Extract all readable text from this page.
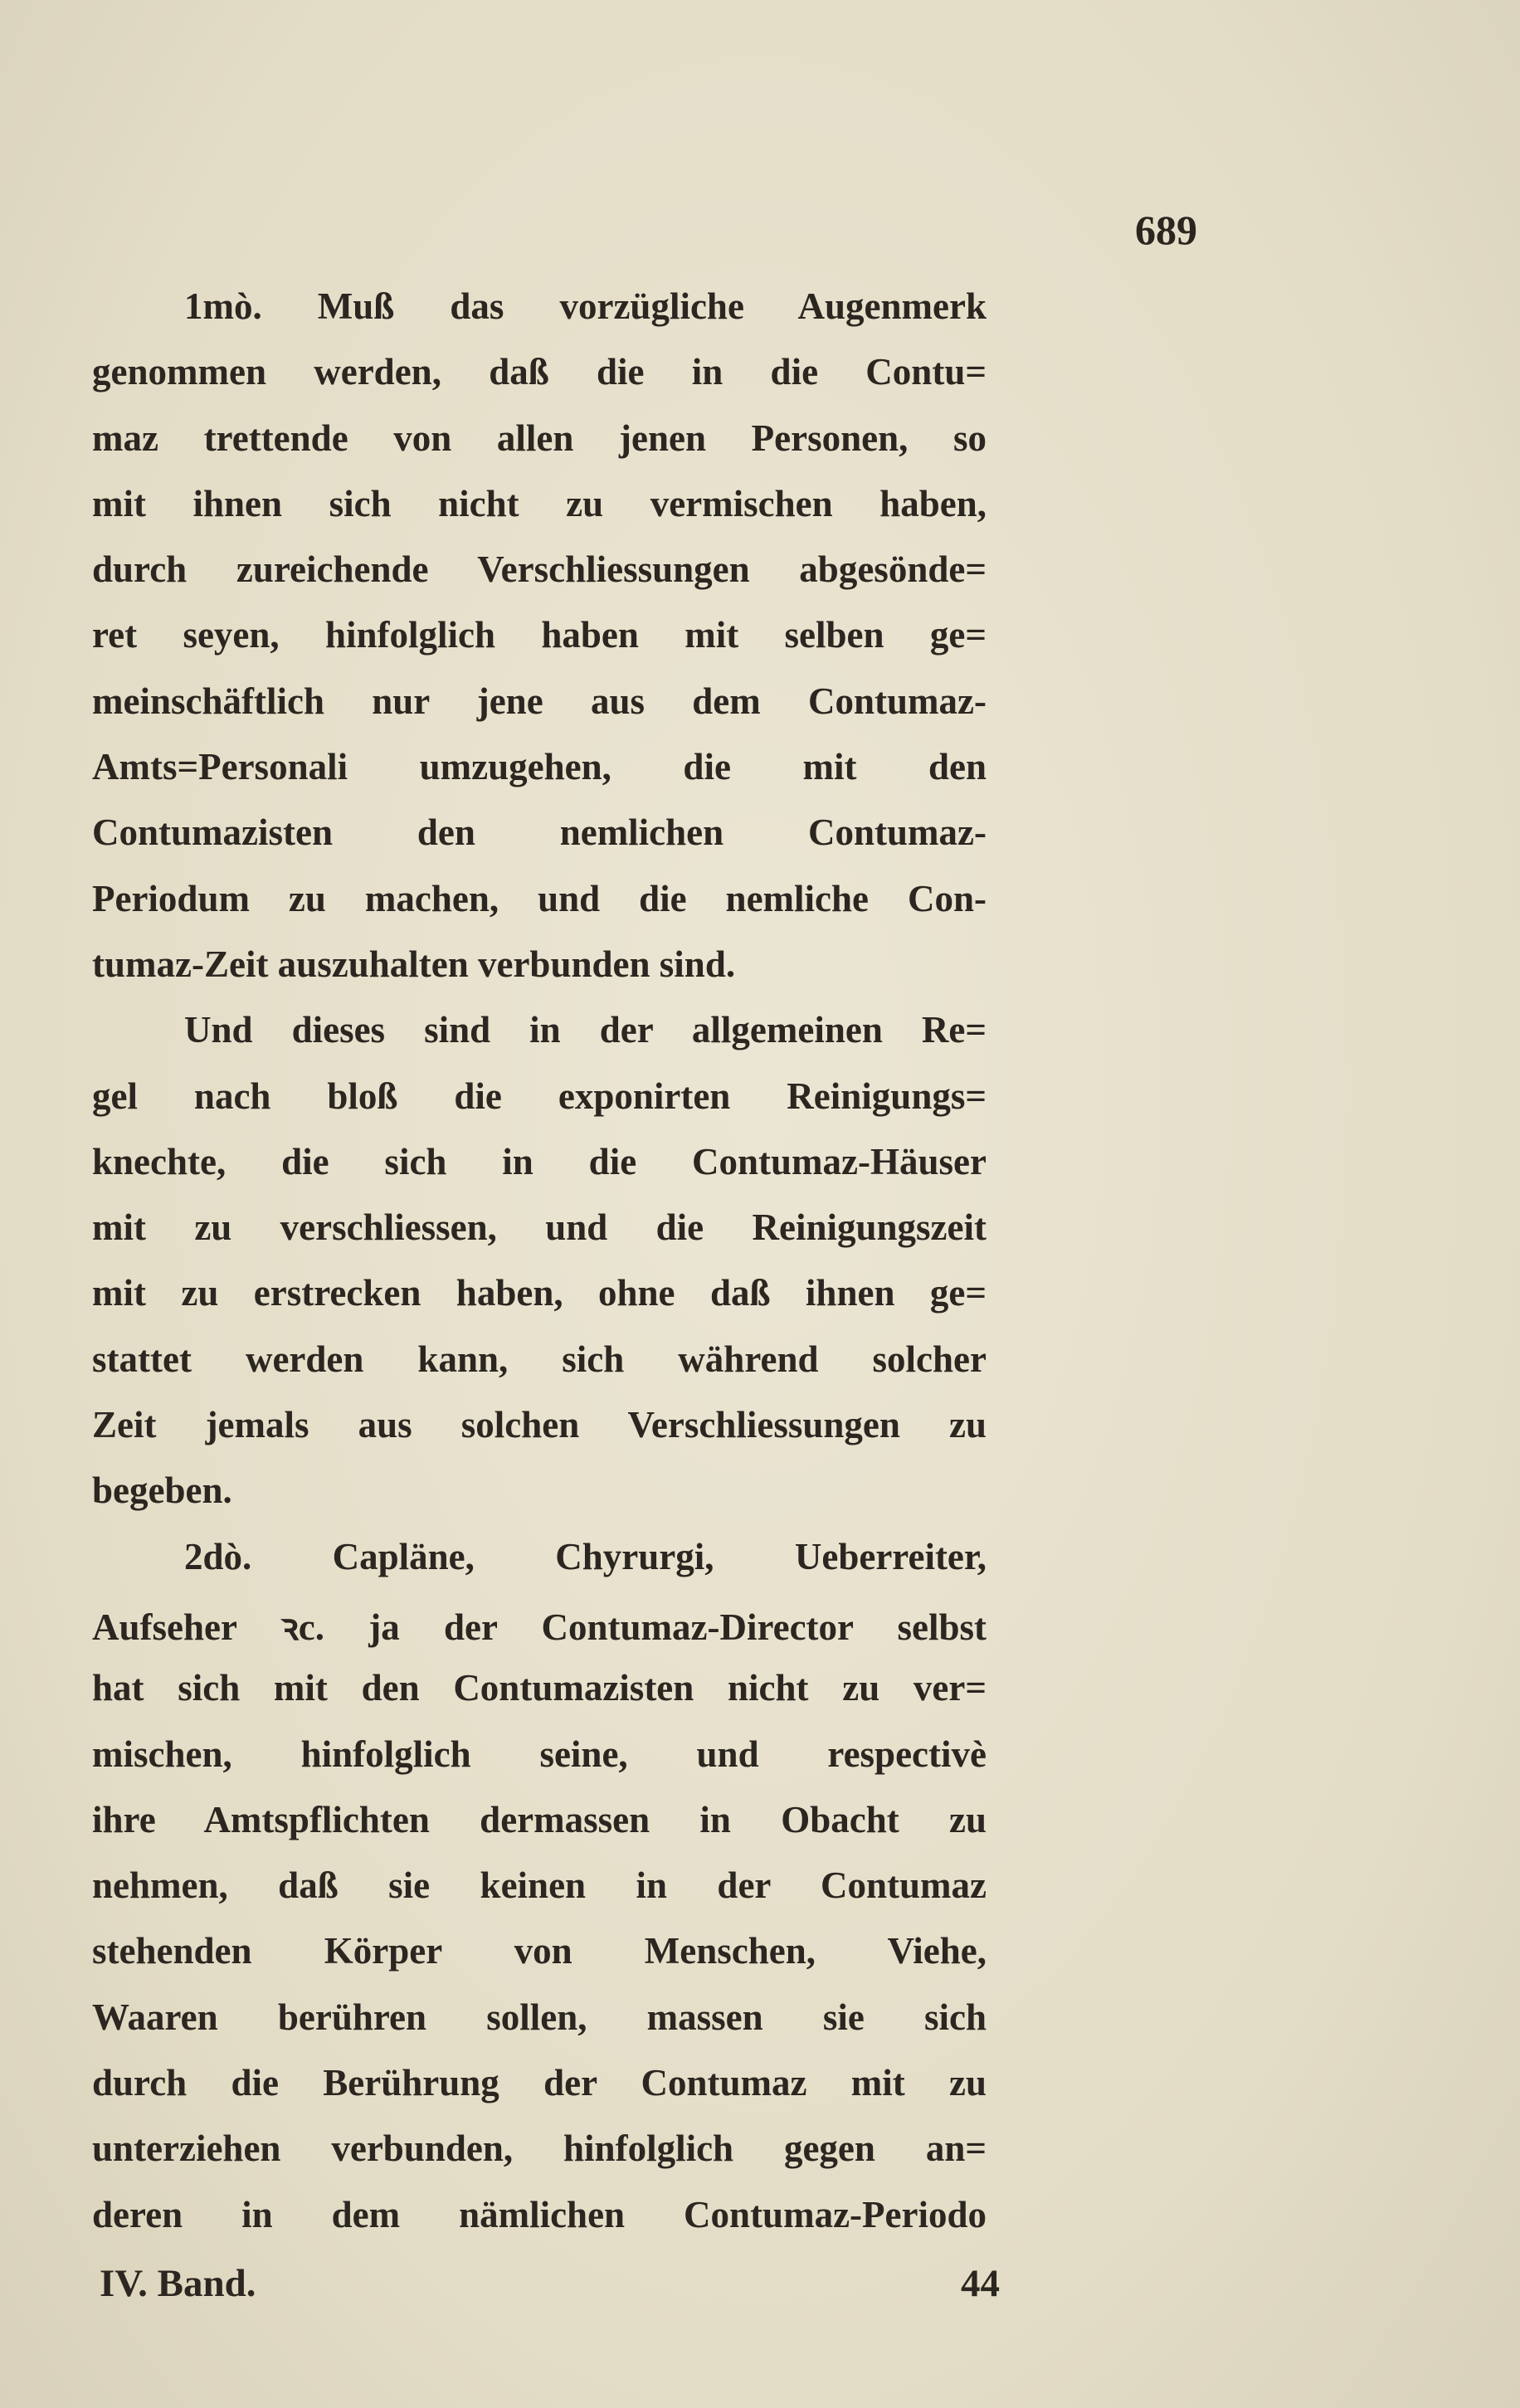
689
1mò. Muß das vorzügliche Augenmerk
genommen werden, daß die in die Contu=
maz trettende von allen jenen Personen, so
mit ihnen sich nicht zu vermischen haben,
durch zureichende Verschliessungen abgesönde=
ret seyen, hinfolglich haben mit selben ge=
meinschäftlich nur jene aus dem Contumaz-
Amts=Personali umzugehen, die mit den
Contumazisten den nemlichen Contumaz-
Periodum zu machen, und die nemliche Con-
tumaz-Zeit auszuhalten verbunden sind.
Und dieses sind in der allgemeinen Re=
gel nach bloß die exponirten Reinigungs=
knechte, die sich in die Contumaz-Häuser
mit zu verschliessen, und die Reinigungszeit
mit zu erstrecken haben, ohne daß ihnen ge=
stattet werden kann, sich während solcher
Zeit jemals aus solchen Verschliessungen zu
begeben.
2dò. Capläne, Chyrurgi, Ueberreiter,
Aufseher ꝛc. ja der Contumaz-Director selbst
hat sich mit den Contumazisten nicht zu ver=
mischen, hinfolglich seine, und respectivè
ihre Amtspflichten dermassen in Obacht zu
nehmen, daß sie keinen in der Contumaz
stehenden Körper von Menschen, Viehe,
Waaren berühren sollen, massen sie sich
durch die Berührung der Contumaz mit zu
unterziehen verbunden, hinfolglich gegen an=
deren in dem nämlichen Contumaz-Periodo
IV. Band.	44
